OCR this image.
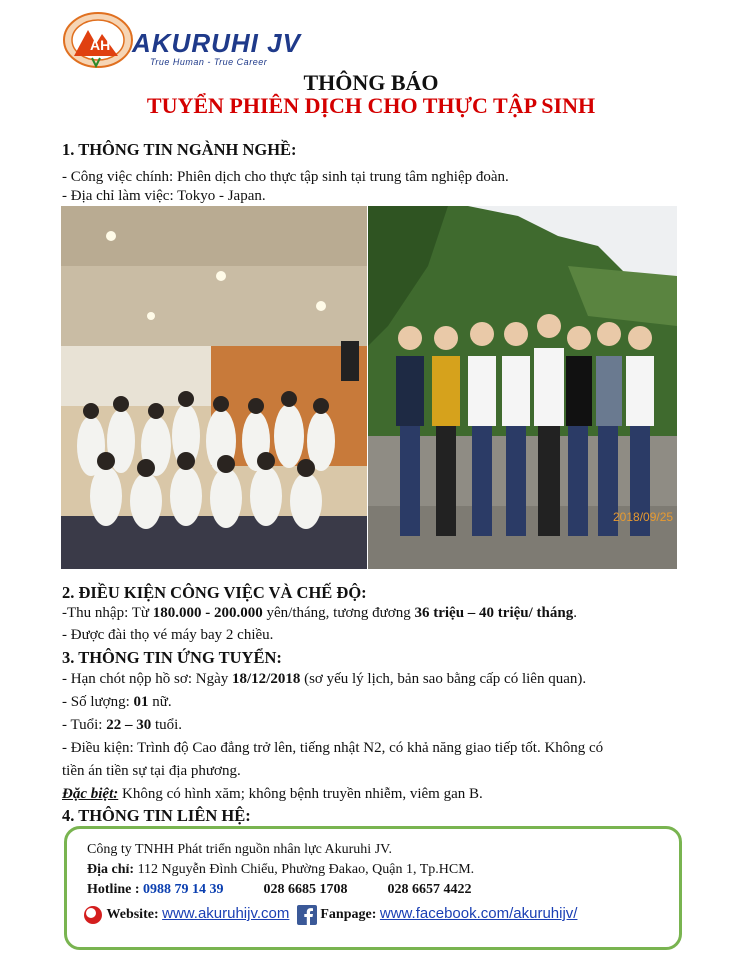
AH AKURUHI JV
True Human - True Career
THÔNG BÁO
TUYỂN PHIÊN DỊCH CHO THỰC TẬP SINH
1. THÔNG TIN NGÀNH NGHỀ:
- Công việc chính: Phiên dịch cho thực tập sinh tại trung tâm nghiệp đoàn.
- Địa chỉ làm việc: Tokyo - Japan.
2018/09/25
2. ĐIỀU KIỆN CÔNG VIỆC VÀ CHẾ ĐỘ:
-Thu nhập: Từ 180.000 - 200.000 yên/tháng, tương đương 36 triệu – 40 triệu/ tháng.
- Được đài thọ vé máy bay 2 chiều.
3. THÔNG TIN ỨNG TUYỂN:
- Hạn chót nộp hồ sơ: Ngày 18/12/2018 (sơ yếu lý lịch, bản sao bằng cấp có liên quan).
- Số lượng: 01 nữ.
- Tuổi: 22 – 30 tuổi.
- Điều kiện: Trình độ Cao đẳng trở lên, tiếng nhật N2, có khả năng giao tiếp tốt. Không có
tiền án tiền sự tại địa phương.
Đặc biệt: Không có hình xăm; không bệnh truyền nhiễm, viêm gan B.
4. THÔNG TIN LIÊN HỆ:
Công ty TNHH Phát triển nguồn nhân lực Akuruhi JV.
Địa chỉ: 112 Nguyễn Đình Chiểu, Phường Đakao, Quận 1, Tp.HCM.
Hotline : 0988 79 14 39	028 6685 1708	028 6657 4422
Website: www.akuruhijv.com Fanpage: www.facebook.com/akuruhijv/
